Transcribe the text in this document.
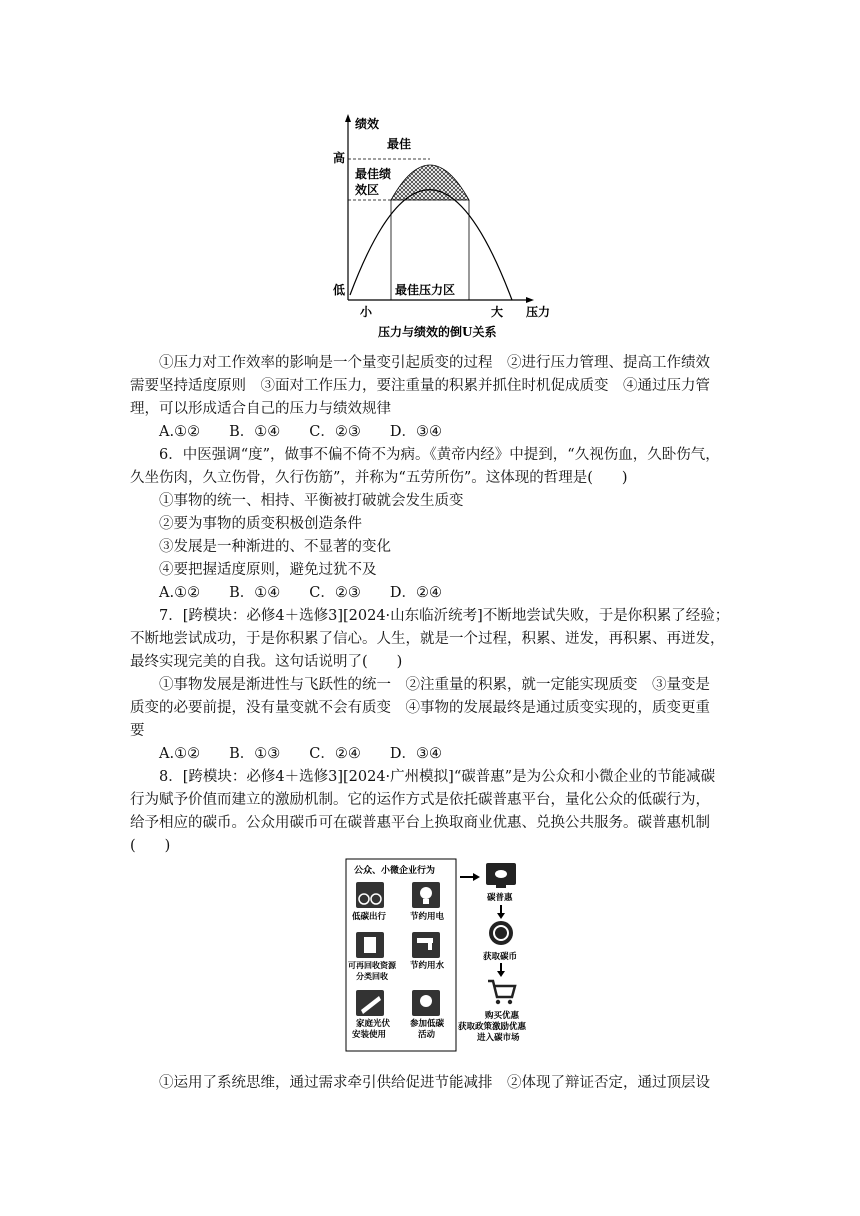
绩效
高
低
最佳
最佳绩
效区
最佳压力区
小	大 压力
压力与绩效的倒U关系
①压力对工作效率的影响是一个量变引起质变的过程　②进行压力管理、提高工作绩效

需要坚持适度原则　③面对工作压力，要注重量的积累并抓住时机促成质变　④通过压力管
理，可以形成适合自己的压力与绩效规律
A.①②　　B．①④　　C．②③　　D．③④
6．中医强调“度”，做事不偏不倚不为病。《黄帝内经》中提到，“久视伤血，久卧伤气，
久坐伤肉，久立伤骨，久行伤筋”，并称为“五劳所伤”。这体现的哲理是(　　)
①事物的统一、相持、平衡被打破就会发生质变
②要为事物的质变积极创造条件
③发展是一种渐进的、不显著的变化
④要把握适度原则，避免过犹不及
A.①②　　B．①④　　C．②③　　D．②④
7．[跨模块：必修4＋选修3][2024·山东临沂统考]不断地尝试失败，于是你积累了经验；
不断地尝试成功，于是你积累了信心。人生，就是一个过程，积累、迸发，再积累、再迸发，
最终实现完美的自我。这句话说明了(　　)
①事物发展是渐进性与飞跃性的统一　②注重量的积累，就一定能实现质变　③量变是
质变的必要前提，没有量变就不会有质变　④事物的发展最终是通过质变实现的，质变更重
要
A.①②　　B．①③　　C．②④　　D．③④
8．[跨模块：必修4＋选修3][2024·广州模拟]“碳普惠”是为公众和小微企业的节能减碳
行为赋予价值而建立的激励机制。它的运作方式是依托碳普惠平台，量化公众的低碳行为，
给予相应的碳币。公众用碳币可在碳普惠平台上换取商业优惠、兑换公共服务。碳普惠机制
(　　)
公众、小微企业行为
低碳出行	节约用电
可再回收资源
分类回收
节约用水
家庭光伏
安装使用
参加低碳
活动
碳普惠
获取碳币
购买优惠
获取政策激励优惠
进入碳市场
①运用了系统思维，通过需求牵引供给促进节能减排　②体现了辩证否定，通过顶层设
